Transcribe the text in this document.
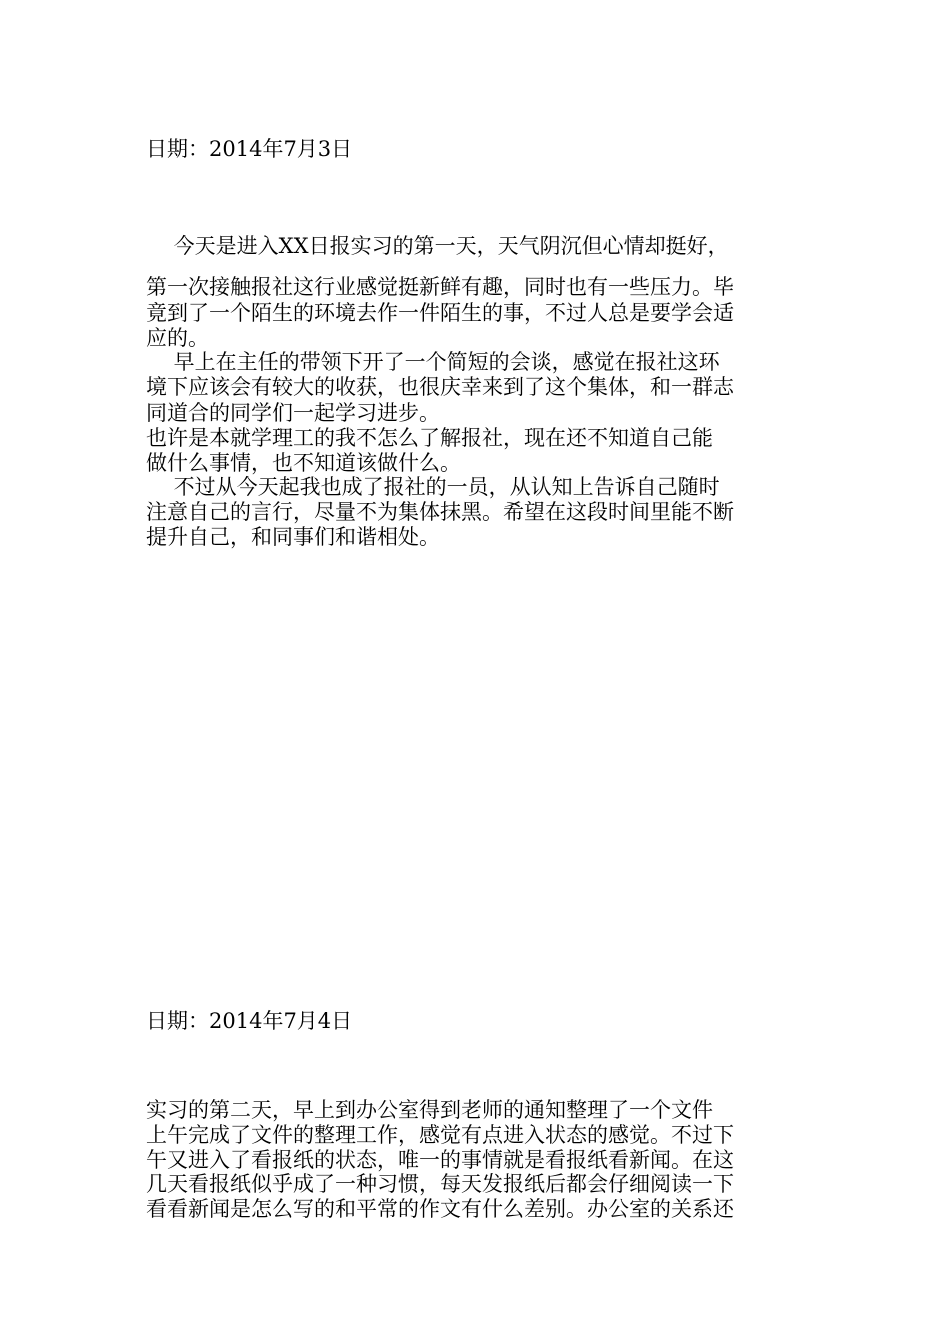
日期：2014年7月3日
　 今天是进入XX日报实习的第一天，天气阴沉但心情却挺好，
第一次接触报社这行业感觉挺新鲜有趣，同时也有一些压力。毕
竟到了一个陌生的环境去作一件陌生的事，不过人总是要学会适
应的。
　 早上在主任的带领下开了一个简短的会谈，感觉在报社这环
境下应该会有较大的收获，也很庆幸来到了这个集体，和一群志
同道合的同学们一起学习进步。
也许是本就学理工的我不怎么了解报社，现在还不知道自己能
做什么事情，也不知道该做什么。
　 不过从今天起我也成了报社的一员，从认知上告诉自己随时
注意自己的言行，尽量不为集体抹黑。希望在这段时间里能不断
提升自己，和同事们和谐相处。
日期：2014年7月4日
实习的第二天，早上到办公室得到老师的通知整理了一个文件
上午完成了文件的整理工作，感觉有点进入状态的感觉。不过下
午又进入了看报纸的状态，唯一的事情就是看报纸看新闻。在这
几天看报纸似乎成了一种习惯，每天发报纸后都会仔细阅读一下
看看新闻是怎么写的和平常的作文有什么差别。办公室的关系还
